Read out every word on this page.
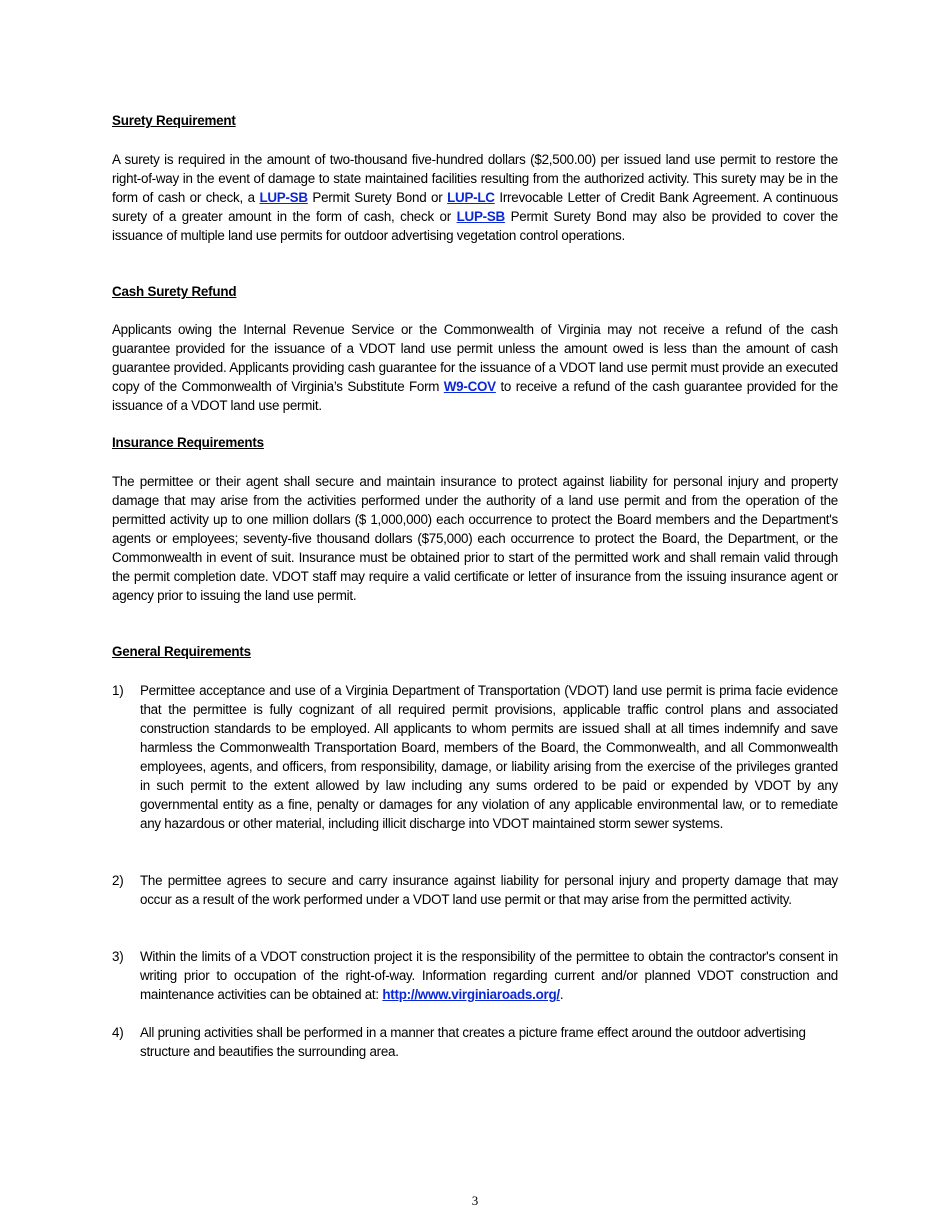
Surety Requirement
A surety is required in the amount of two-thousand five-hundred dollars ($2,500.00) per issued land use permit to restore the right-of-way in the event of damage to state maintained facilities resulting from the authorized activity. This surety may be in the form of cash or check, a LUP-SB Permit Surety Bond or LUP-LC Irrevocable Letter of Credit Bank Agreement. A continuous surety of a greater amount in the form of cash, check or LUP-SB Permit Surety Bond may also be provided to cover the issuance of multiple land use permits for outdoor advertising vegetation control operations.
Cash Surety Refund
Applicants owing the Internal Revenue Service or the Commonwealth of Virginia may not receive a refund of the cash guarantee provided for the issuance of a VDOT land use permit unless the amount owed is less than the amount of cash guarantee provided. Applicants providing cash guarantee for the issuance of a VDOT land use permit must provide an executed copy of the Commonwealth of Virginia’s Substitute Form W9-COV to receive a refund of the cash guarantee provided for the issuance of a VDOT land use permit.
Insurance Requirements
The permittee or their agent shall secure and maintain insurance to protect against liability for personal injury and property damage that may arise from the activities performed under the authority of a land use permit and from the operation of the permitted activity up to one million dollars ($ 1,000,000) each occurrence to protect the Board members and the Department's agents or employees; seventy-five thousand dollars ($75,000) each occurrence to protect the Board, the Department, or the Commonwealth in event of suit. Insurance must be obtained prior to start of the permitted work and shall remain valid through the permit completion date. VDOT staff may require a valid certificate or letter of insurance from the issuing insurance agent or agency prior to issuing the land use permit.
General Requirements
1)	Permittee acceptance and use of a Virginia Department of Transportation (VDOT) land use permit is prima facie evidence that the permittee is fully cognizant of all required permit provisions, applicable traffic control plans and associated construction standards to be employed. All applicants to whom permits are issued shall at all times indemnify and save harmless the Commonwealth Transportation Board, members of the Board, the Commonwealth, and all Commonwealth employees, agents, and officers, from responsibility, damage, or liability arising from the exercise of the privileges granted in such permit to the extent allowed by law including any sums ordered to be paid or expended by VDOT by any governmental entity as a fine, penalty or damages for any violation of any applicable environmental law, or to remediate any hazardous or other material, including illicit discharge into VDOT maintained storm sewer systems.
2)	The permittee agrees to secure and carry insurance against liability for personal injury and property damage that may occur as a result of the work performed under a VDOT land use permit or that may arise from the permitted activity.
3)	Within the limits of a VDOT construction project it is the responsibility of the permittee to obtain the contractor's consent in writing prior to occupation of the right-of-way. Information regarding current and/or planned VDOT construction and maintenance activities can be obtained at: http://www.virginiaroads.org/.
4)	All pruning activities shall be performed in a manner that creates a picture frame effect around the outdoor advertising structure and beautifies the surrounding area.
3
